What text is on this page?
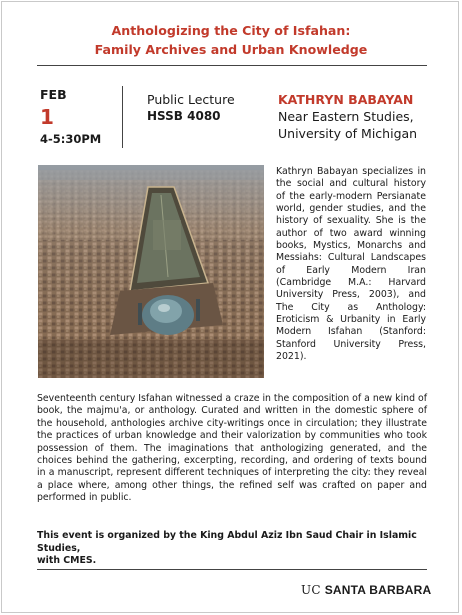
Anthologizing the City of Isfahan:
Family Archives and Urban Knowledge
FEB
1
4-5:30PM
Public Lecture
HSSB 4080
KATHRYN BABAYAN
Near Eastern Studies,
University of Michigan
Kathryn Babayan specializes in the social and cultural history of the early-modern Persianate world, gender studies, and the history of sexuality. She is the author of two award winning books, Mystics, Monarchs and Messiahs: Cultural Landscapes of Early Modern Iran (Cambridge M.A.: Harvard University Press, 2003), and The City as Anthology: Eroticism & Urbanity in Early Modern Isfahan (Stanford: Stanford University Press, 2021).
Seventeenth century Isfahan witnessed a craze in the composition of a new kind of book, the majmu'a, or anthology. Curated and written in the domestic sphere of the household, anthologies archive city-writings once in circulation; they illustrate the practices of urban knowledge and their valorization by communities who took possession of them. The imaginations that anthologizing generated, and the choices behind the gathering, excerpting, recording, and ordering of texts bound in a manuscript, represent different techniques of interpreting the city: they reveal a place where, among other things, the refined self was crafted on paper and performed in public.
This event is organized by the King Abdul Aziz Ibn Saud Chair in Islamic Studies,
with CMES.
UC SANTA BARBARA
